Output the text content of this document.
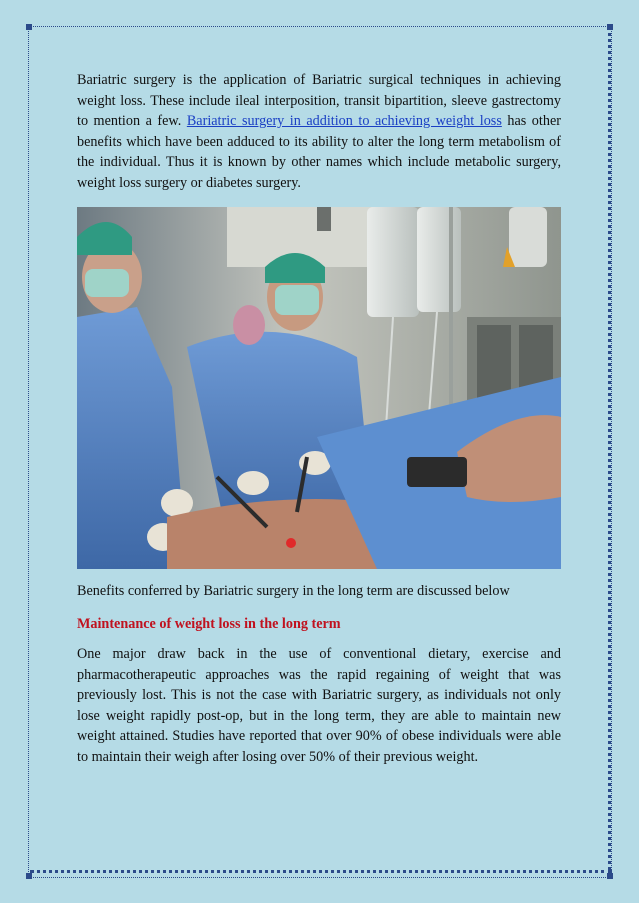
Bariatric surgery is the application of Bariatric surgical techniques in achieving weight loss. These include ileal interposition, transit bipartition, sleeve gastrectomy to mention a few. Bariatric surgery in addition to achieving weight loss has other benefits which have been adduced to its ability to alter the long term metabolism of the individual. Thus it is known by other names which include metabolic surgery, weight loss surgery or diabetes surgery.

Benefits conferred by Bariatric surgery in the long term are discussed below

Maintenance of weight loss in the long term

One major draw back in the use of conventional dietary, exercise and pharmacotherapeutic approaches was the rapid regaining of weight that was previously lost. This is not the case with Bariatric surgery, as individuals not only lose weight rapidly post-op, but in the long term, they are able to maintain new weight attained. Studies have reported that over 90% of obese individuals were able to maintain their weigh after losing over 50% of their previous weight.
